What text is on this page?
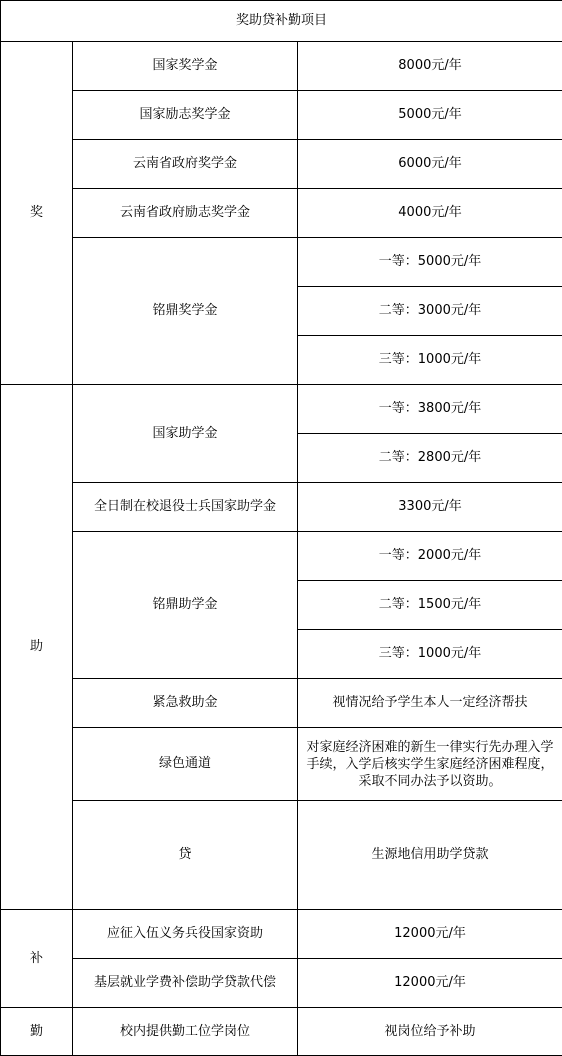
奖助贷补勤项目			
奖	国家奖学金	8000元/年	
	国家励志奖学金	5000元/年	
	云南省政府奖学金	6000元/年	
	云南省政府励志奖学金	4000元/年	
	铭鼎奖学金	一等：5000元/年	
		二等：3000元/年	
		三等：1000元/年	
助	国家助学金	一等：3800元/年	
		二等：2800元/年	
	全日制在校退役士兵国家助学金	3300元/年	
	铭鼎助学金	一等：2000元/年	
		二等：1500元/年	
		三等：1000元/年	
	紧急救助金	视情况给予学生本人一定经济帮扶	
	绿色通道	对家庭经济困难的新生一律实行先办理入学手续，入学后核实学生家庭经济困难程度，采取不同办法予以资助。	
	贷	生源地信用助学贷款	
补	应征入伍义务兵役国家资助	12000元/年	
	基层就业学费补偿助学贷款代偿	12000元/年	
勤	校内提供勤工位学岗位	视岗位给予补助	
